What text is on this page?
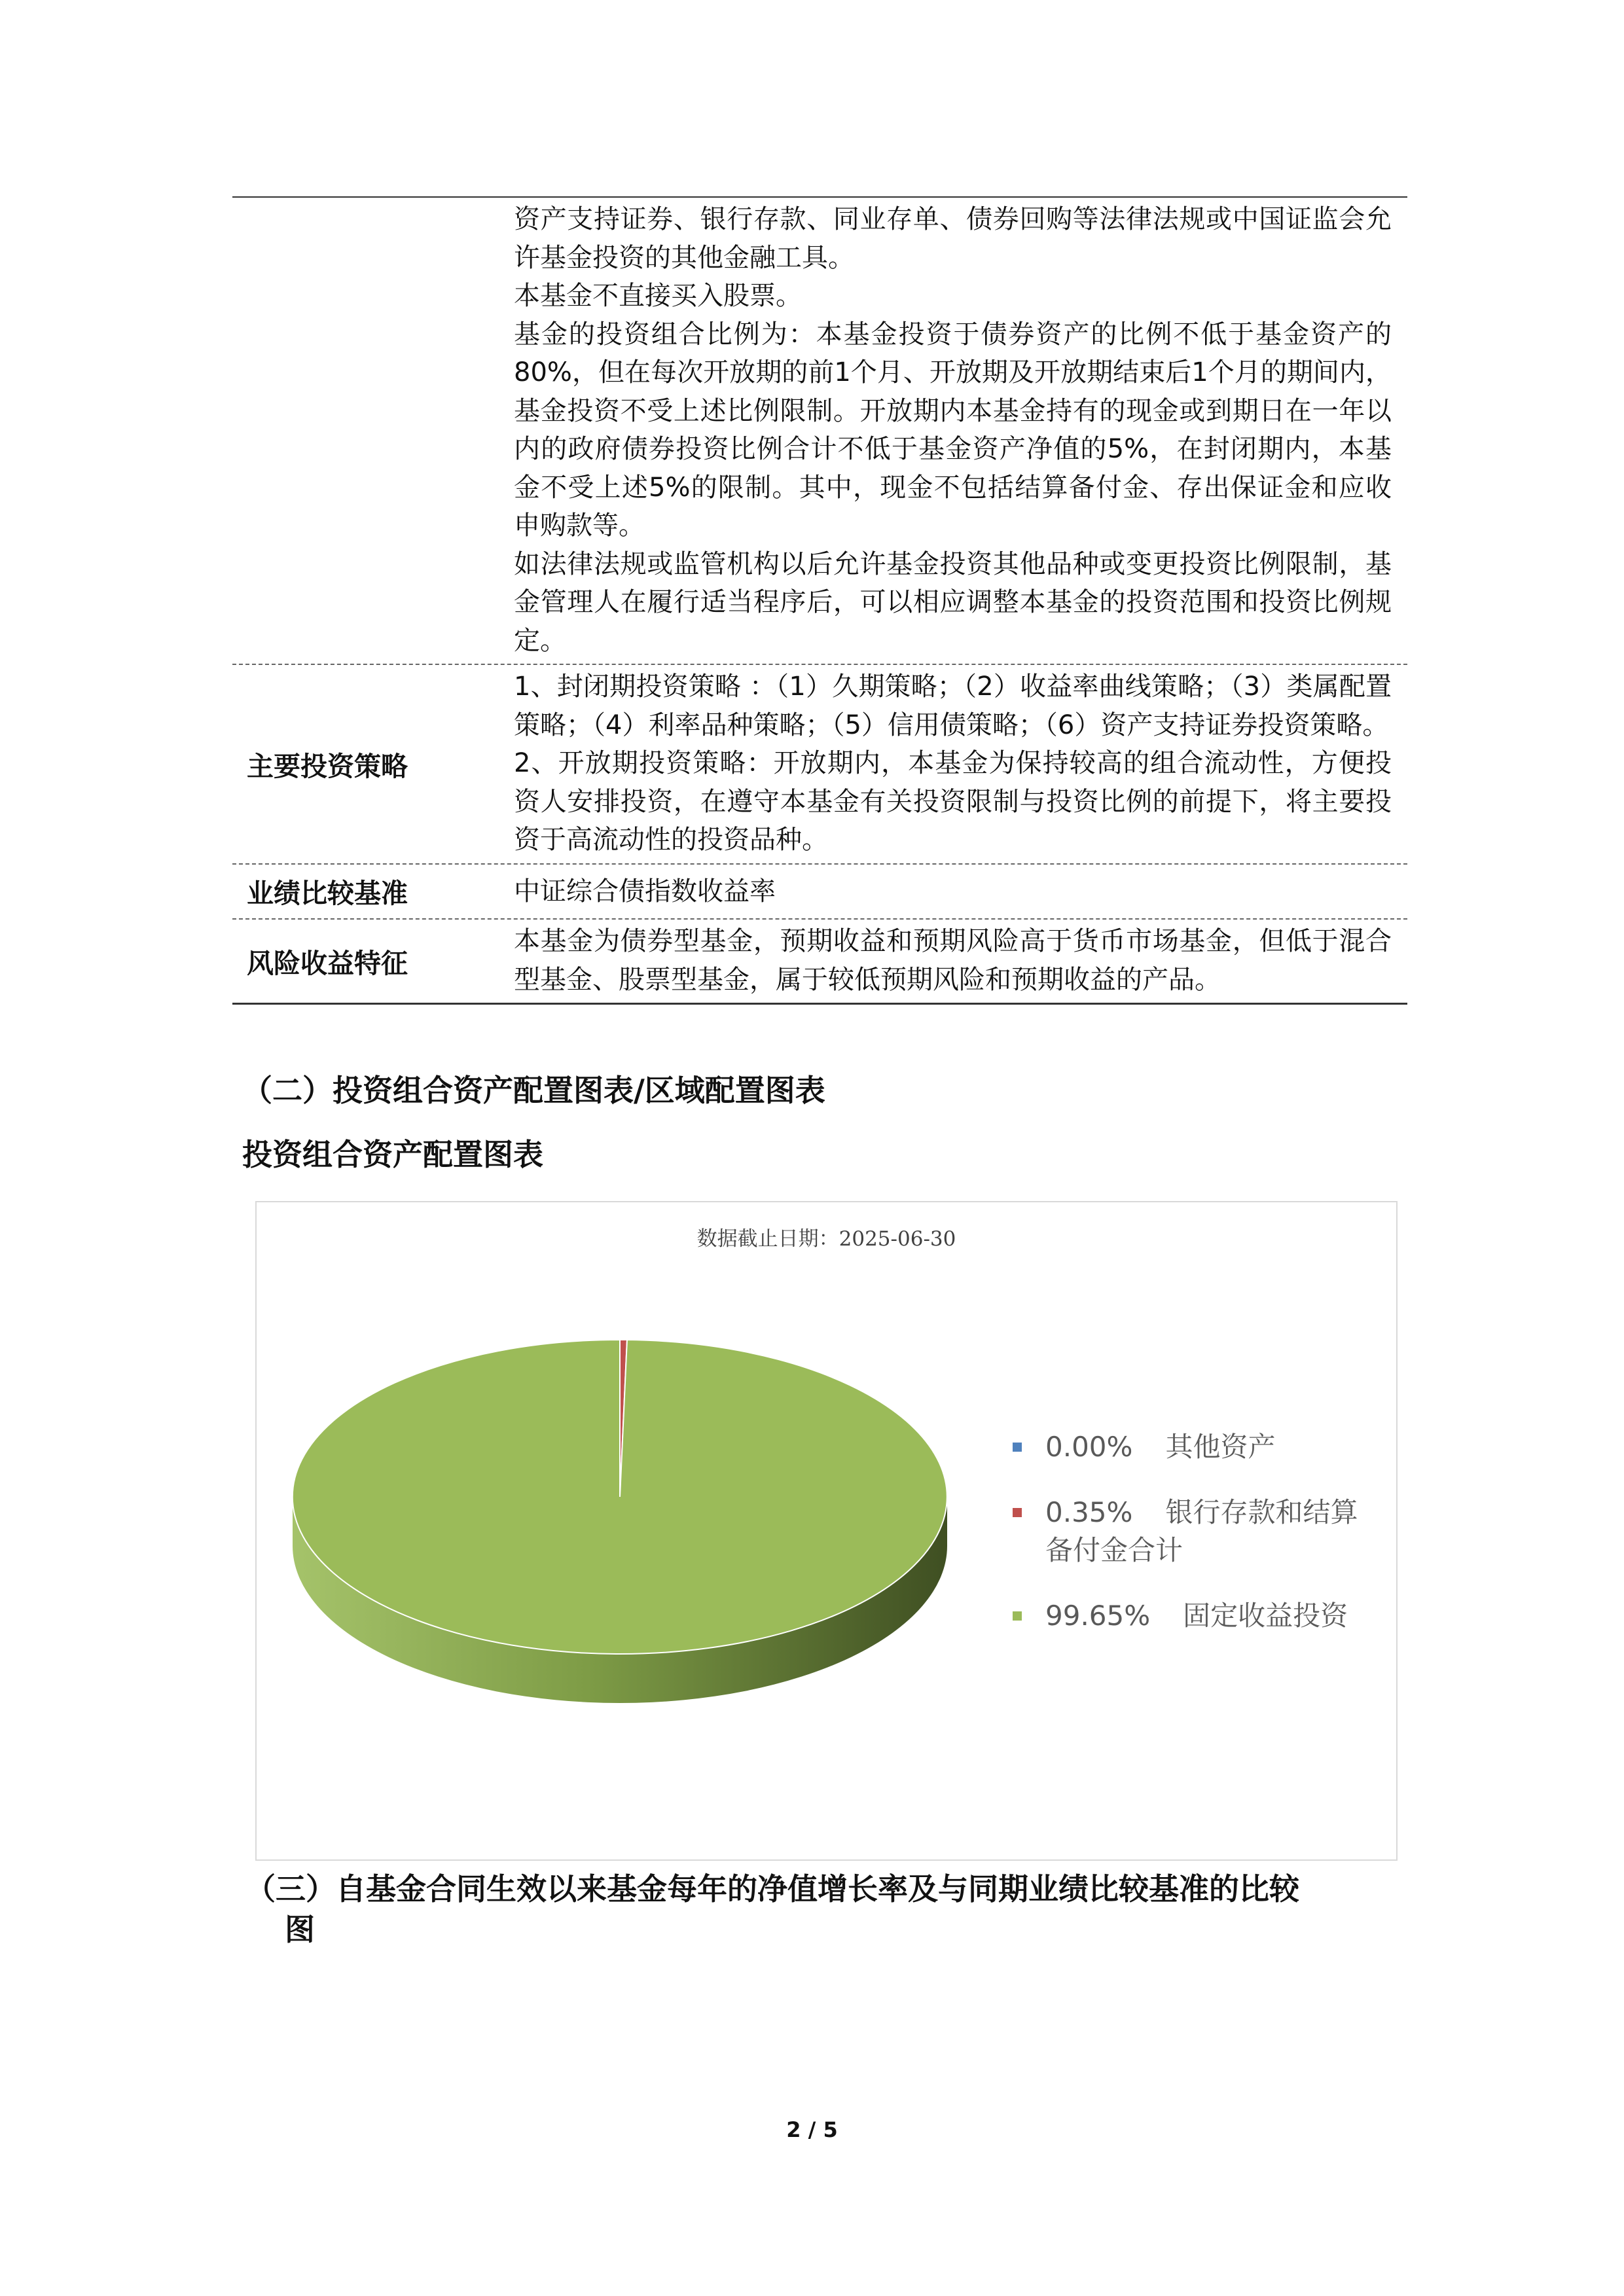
资产支持证券、银行存款、同业存单、债券回购等法律法规或中国证监会允许基金投资的其他金融工具。

本基金不直接买入股票。

基金的投资组合比例为：本基金投资于债券资产的比例不低于基金资产的80%，但在每次开放期的前1个月、开放期及开放期结束后1个月的期间内，基金投资不受上述比例限制。开放期内本基金持有的现金或到期日在一年以内的政府债券投资比例合计不低于基金资产净值的5%，在封闭期内，本基金不受上述5%的限制。其中，现金不包括结算备付金、存出保证金和应收申购款等。

如法律法规或监管机构以后允许基金投资其他品种或变更投资比例限制，基金管理人在履行适当程序后，可以相应调整本基金的投资范围和投资比例规定。

主要投资策略

1、封闭期投资策略 ：（1）久期策略；（2）收益率曲线策略；（3）类属配置策略；（4）利率品种策略；（5）信用债策略；（6）资产支持证券投资策略。

2、开放期投资策略：开放期内，本基金为保持较高的组合流动性，方便投资人安排投资，在遵守本基金有关投资限制与投资比例的前提下，将主要投资于高流动性的投资品种。

业绩比较基准	中证综合债指数收益率
风险收益特征
本基金为债券型基金，预期收益和预期风险高于货币市场基金，但低于混合型基金、股票型基金，属于较低预期风险和预期收益的产品。
（二）投资组合资产配置图表/区域配置图表
投资组合资产配置图表
数据截止日期：2025-06-30
0.00% 其他资产
0.35% 银行存款和结算备付金合计
99.65% 固定收益投资
（三）自基金合同生效以来基金每年的净值增长率及与同期业绩比较基准的比较
图
2 / 5
